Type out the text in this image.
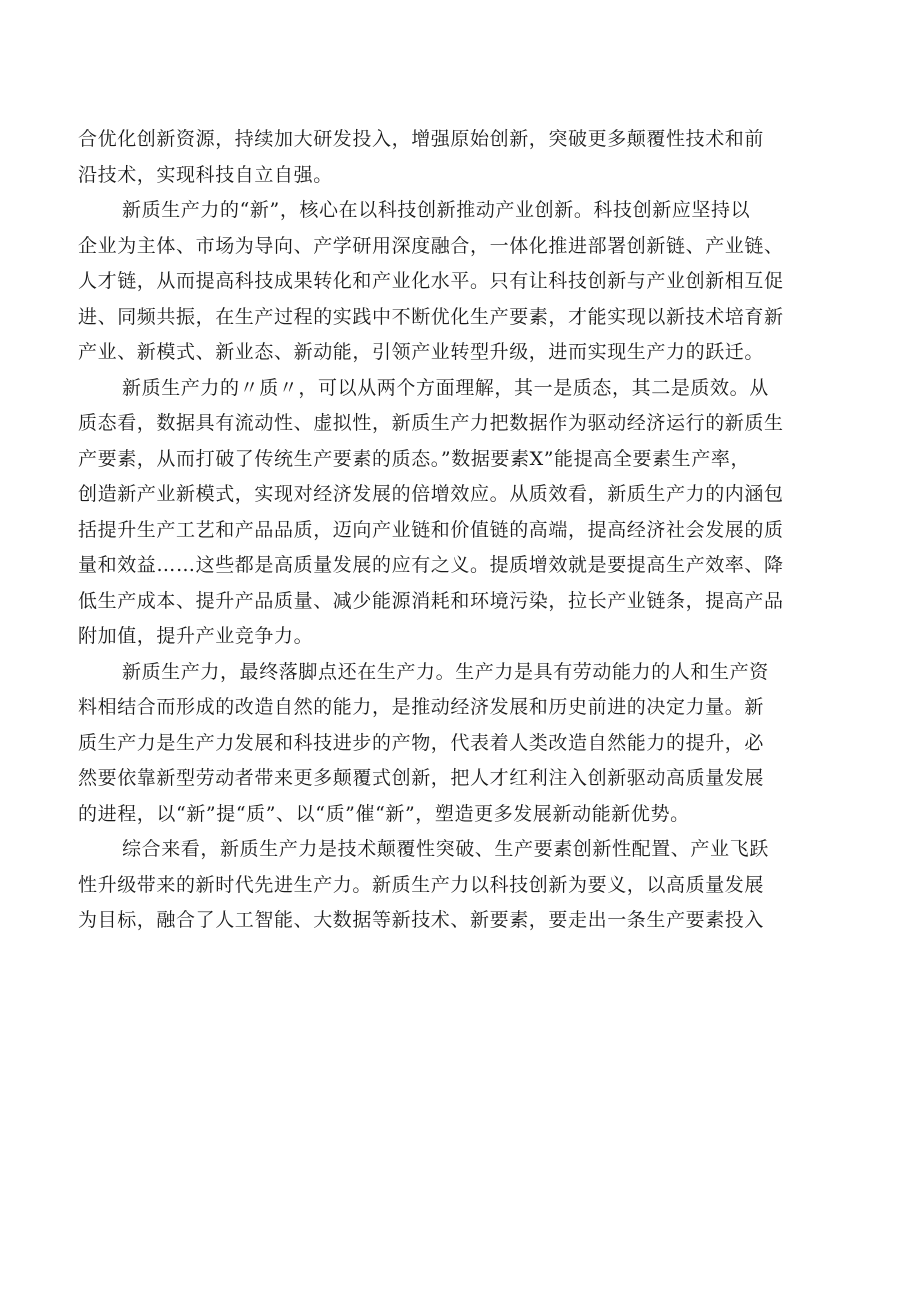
合优化创新资源，持续加大研发投入，增强原始创新，突破更多颠覆性技术和前
沿技术，实现科技自立自强。

新质生产力的“新”，核心在以科技创新推动产业创新。科技创新应坚持以
企业为主体、市场为导向、产学研用深度融合，一体化推进部署创新链、产业链、
人才链，从而提高科技成果转化和产业化水平。只有让科技创新与产业创新相互促
进、同频共振，在生产过程的实践中不断优化生产要素，才能实现以新技术培育新
产业、新模式、新业态、新动能，引领产业转型升级，进而实现生产力的跃迁。

新质生产力的〃质〃，可以从两个方面理解，其一是质态，其二是质效。从
质态看，数据具有流动性、虚拟性，新质生产力把数据作为驱动经济运行的新质生
产要素，从而打破了传统生产要素的质态。”数据要素X”能提高全要素生产率，
创造新产业新模式，实现对经济发展的倍增效应。从质效看，新质生产力的内涵包
括提升生产工艺和产品品质，迈向产业链和价值链的高端，提高经济社会发展的质
量和效益……这些都是高质量发展的应有之义。提质增效就是要提高生产效率、降
低生产成本、提升产品质量、减少能源消耗和环境污染，拉长产业链条，提高产品
附加值，提升产业竞争力。

新质生产力，最终落脚点还在生产力。生产力是具有劳动能力的人和生产资
料相结合而形成的改造自然的能力，是推动经济发展和历史前进的决定力量。新
质生产力是生产力发展和科技进步的产物，代表着人类改造自然能力的提升，必
然要依靠新型劳动者带来更多颠覆式创新，把人才红利注入创新驱动高质量发展
的进程，以“新”提“质”、以“质”催“新”，塑造更多发展新动能新优势。

综合来看，新质生产力是技术颠覆性突破、生产要素创新性配置、产业飞跃
性升级带来的新时代先进生产力。新质生产力以科技创新为要义，以高质量发展
为目标，融合了人工智能、大数据等新技术、新要素，要走出一条生产要素投入
